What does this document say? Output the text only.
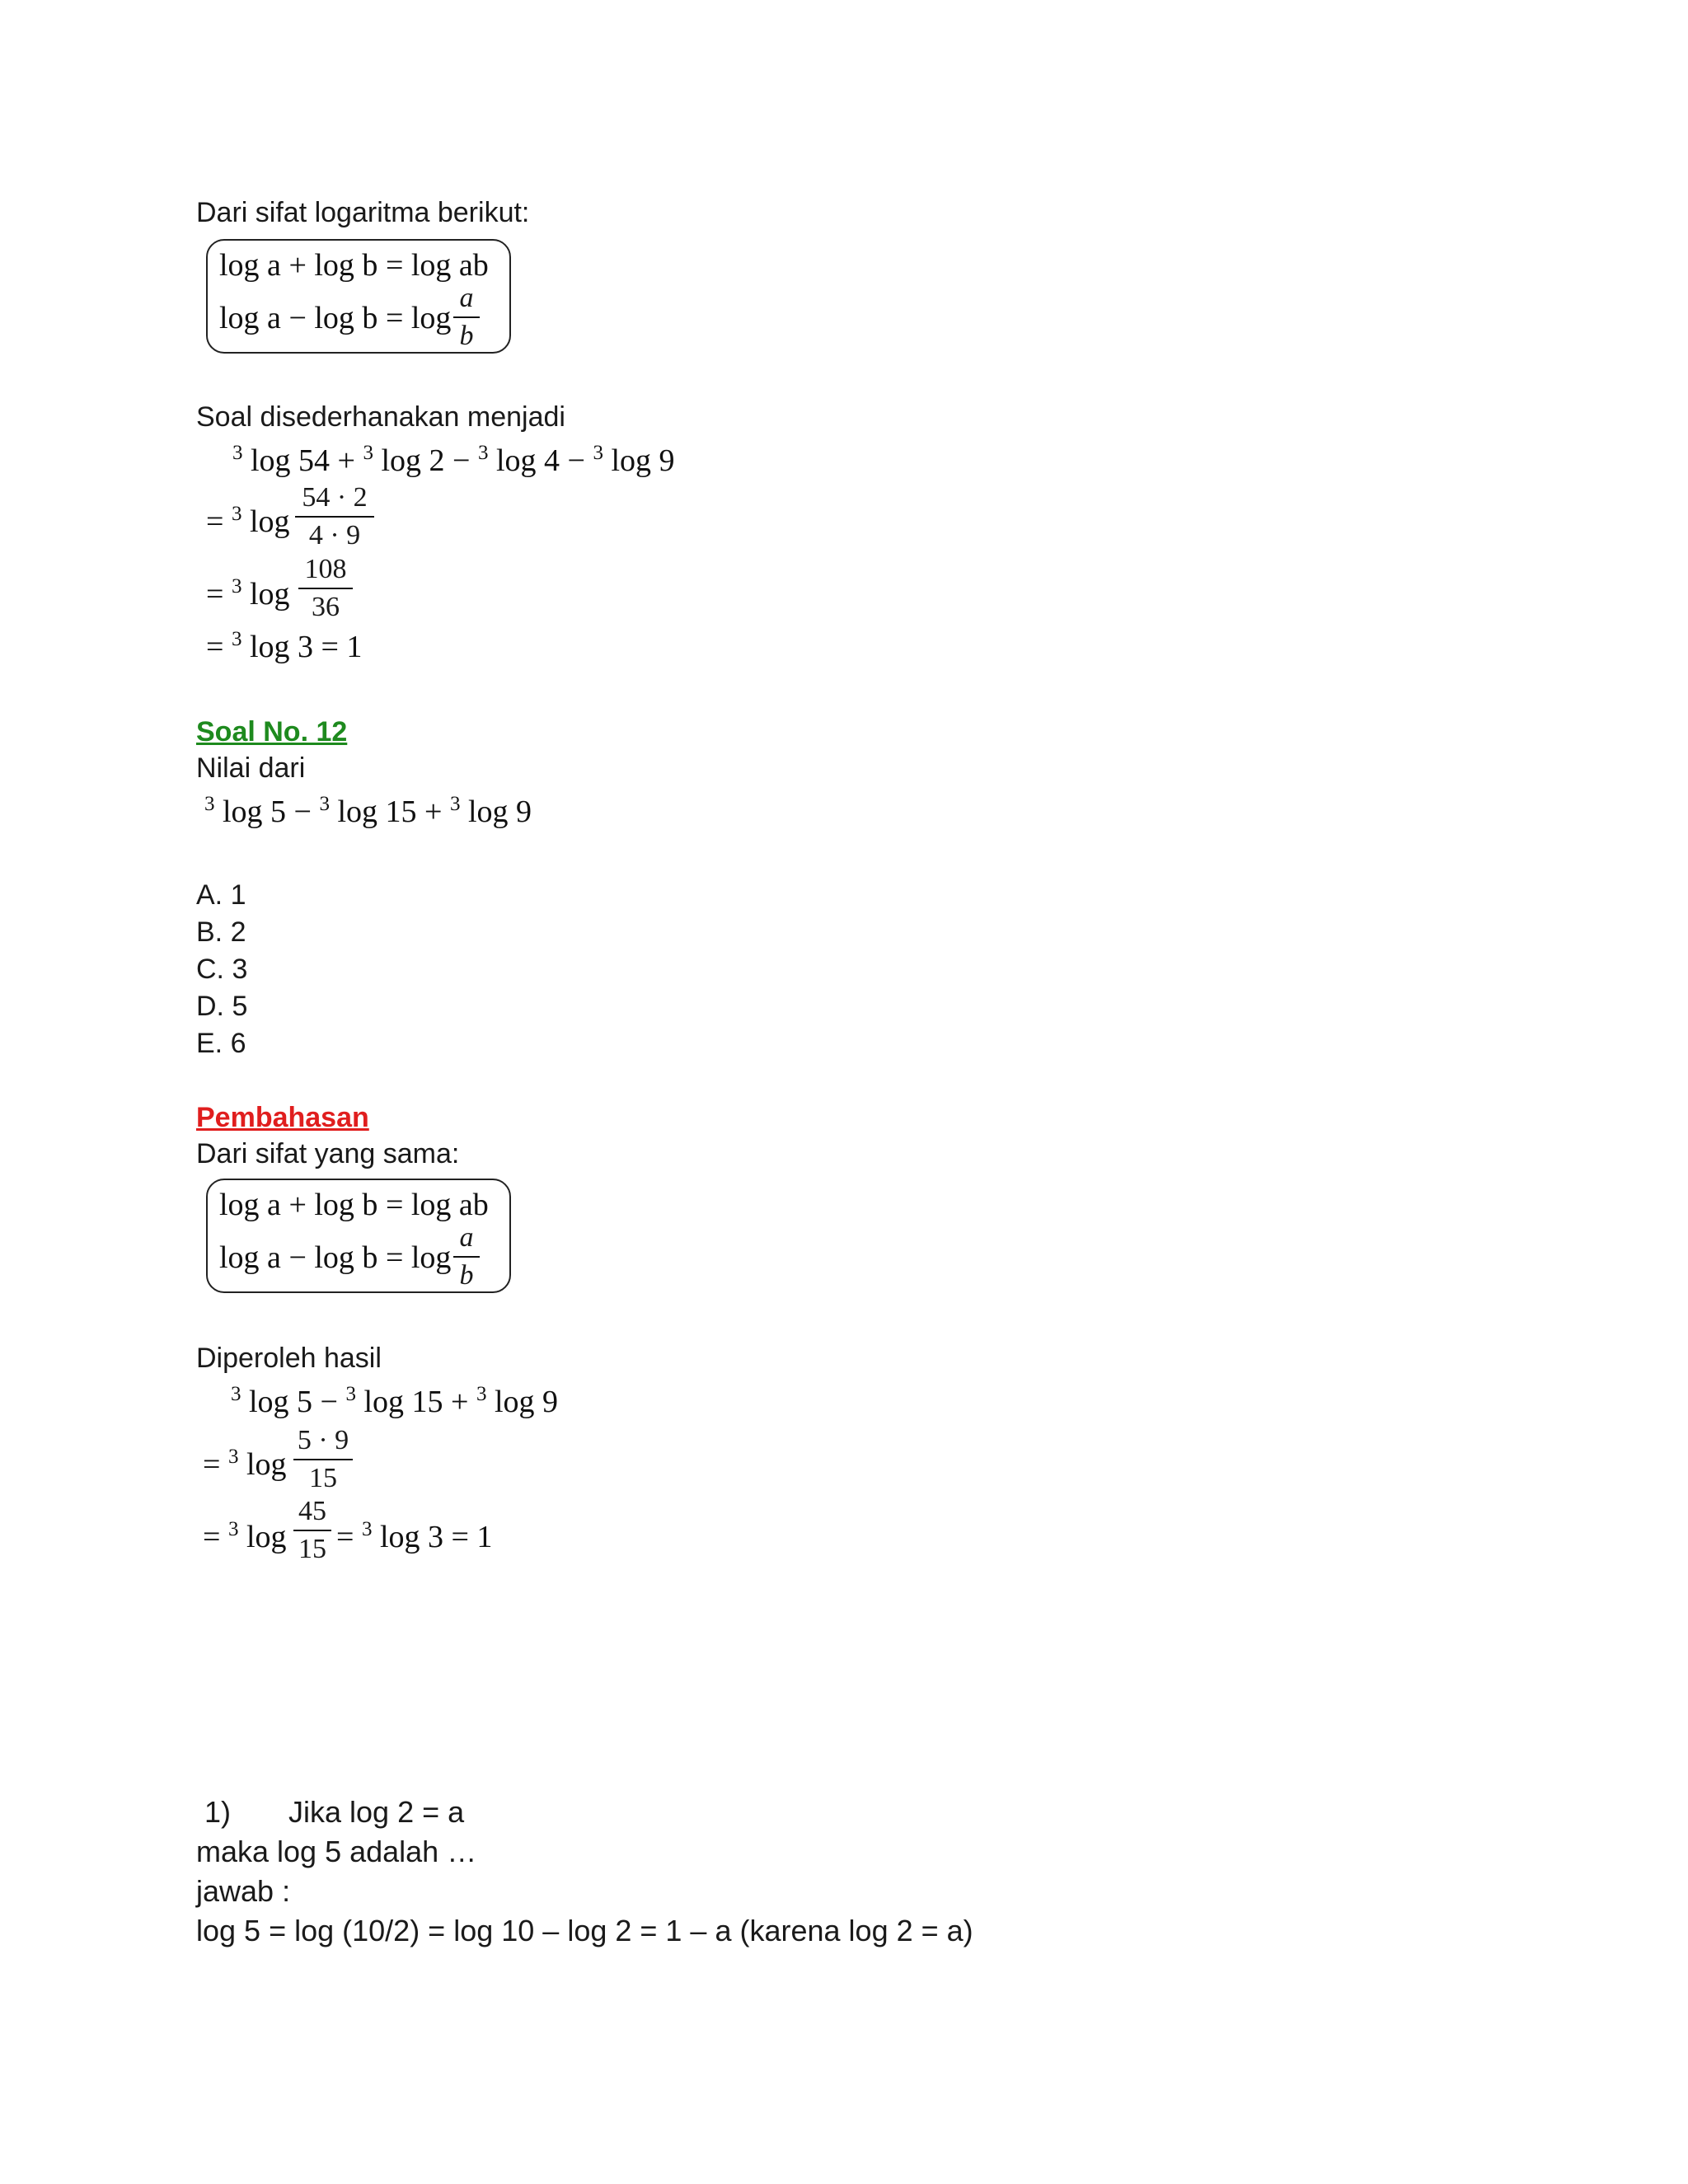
Dari sifat logaritma berikut:
log a + log b = log ab
log a − log b = log
a
b
Soal disederhanakan menjadi
$^3$ log 54 + $^3$ log 2 − $^3$ log 4 − $^3$ log 9
= $^3$ log
54 · 2
4 · 9
= $^3$ log
108
36
= $^3$ log 3 = 1
Soal No. 12
Nilai dari
$^3$ log 5 − $^3$ log 15 + $^3$ log 9
A. 1
B. 2
C. 3
D. 5
E. 6
Pembahasan
Dari sifat yang sama:
log a + log b = log ab
log a − log b = log
a
b
Diperoleh hasil
$^3$ log 5 − $^3$ log 15 + $^3$ log 9
= $^3$ log
5 · 9
15
= $^3$ log
45
15 = $^3$ log 3 = 1
1) Jika log 2 = a
maka log 5 adalah …
jawab :
log 5 = log (10/2) = log 10 – log 2 = 1 – a (karena log 2 = a)
